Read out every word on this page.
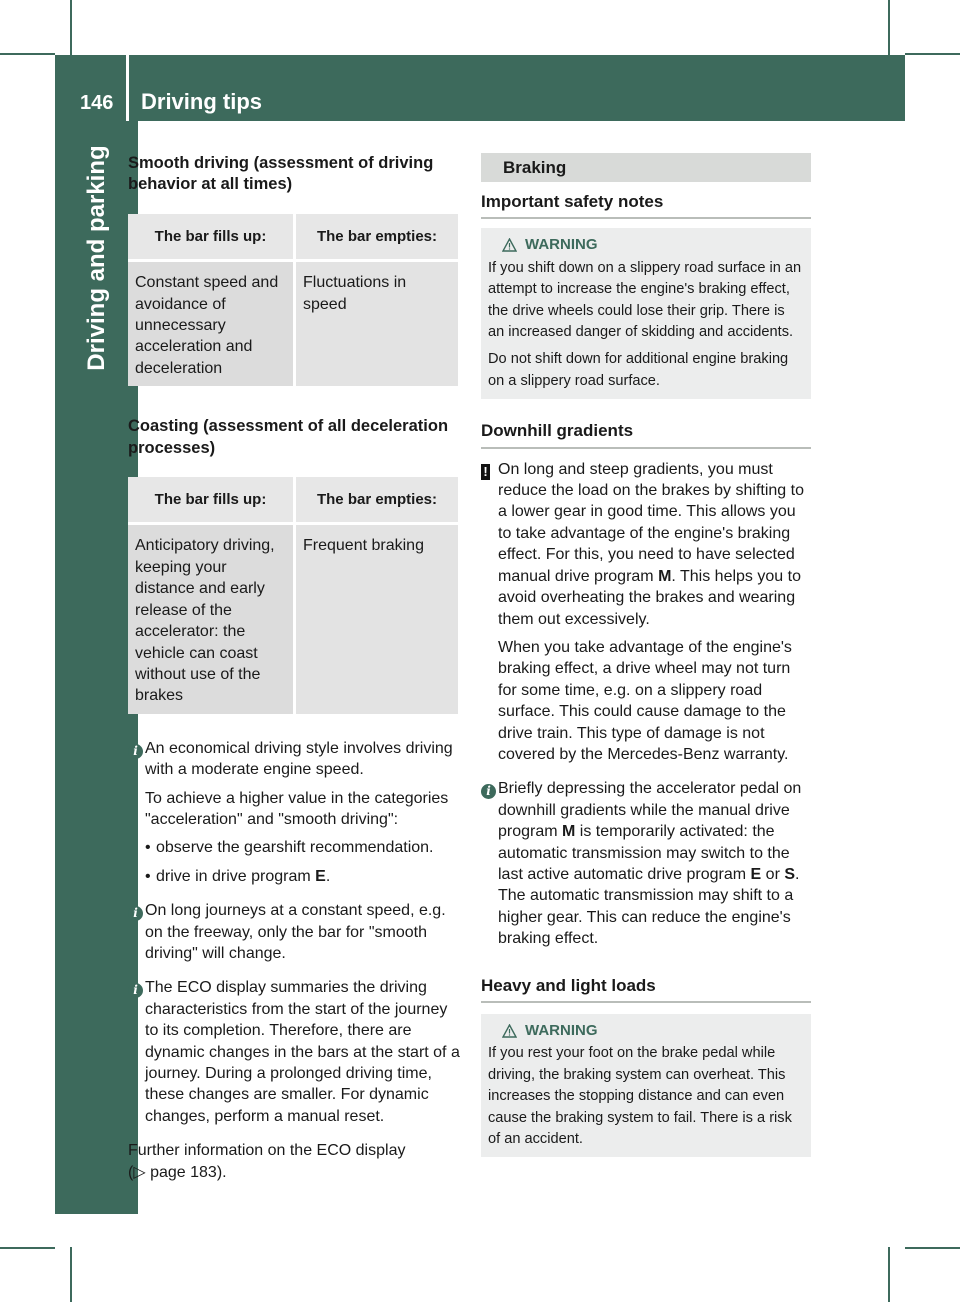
146 Driving tips
Driving and parking Smooth driving (assessment of driving behavior at all times)
The bar fills up:	The bar empties:
Constant speed and avoidance of unnecessary acceleration and deceleration	Fluctuations in speed
Coasting (assessment of all deceleration processes)
The bar fills up:	The bar empties:
Anticipatory driving, keeping your distance and early release of the accelerator: the vehicle can coast without use of the brakes	Frequent braking
i An economical driving style involves driving with a moderate engine speed.

To achieve a higher value in the categories "acceleration" and "smooth driving":

• observe the gearshift recommendation.
• drive in drive program E.
i On long journeys at a constant speed, e.g. on the freeway, only the bar for "smooth driving" will change.

i The ECO display summaries the driving characteristics from the start of the journey to its completion. Therefore, there are dynamic changes in the bars at the start of a journey. During a prolonged driving time, these changes are smaller. For dynamic changes, perform a manual reset.

Further information on the ECO display
(▷ page 183).
Braking
Important safety notes
WARNING

If you shift down on a slippery road surface in an attempt to increase the engine's braking effect, the drive wheels could lose their grip. There is an increased danger of skidding and accidents.

Do not shift down for additional engine braking on a slippery road surface.

Downhill gradients
! On long and steep gradients, you must reduce the load on the brakes by shifting to a lower gear in good time. This allows you to take advantage of the engine's braking effect. For this, you need to have selected manual drive program M. This helps you to avoid overheating the brakes and wearing them out excessively.

When you take advantage of the engine's braking effect, a drive wheel may not turn for some time, e.g. on a slippery road surface. This could cause damage to the drive train. This type of damage is not covered by the Mercedes-Benz warranty.

i Briefly depressing the accelerator pedal on downhill gradients while the manual drive program M is temporarily activated: the automatic transmission may switch to the last active automatic drive program E or S. The automatic transmission may shift to a higher gear. This can reduce the engine's braking effect.

Heavy and light loads
WARNING

If you rest your foot on the brake pedal while driving, the braking system can overheat. This increases the stopping distance and can even cause the braking system to fail. There is a risk of an accident.
